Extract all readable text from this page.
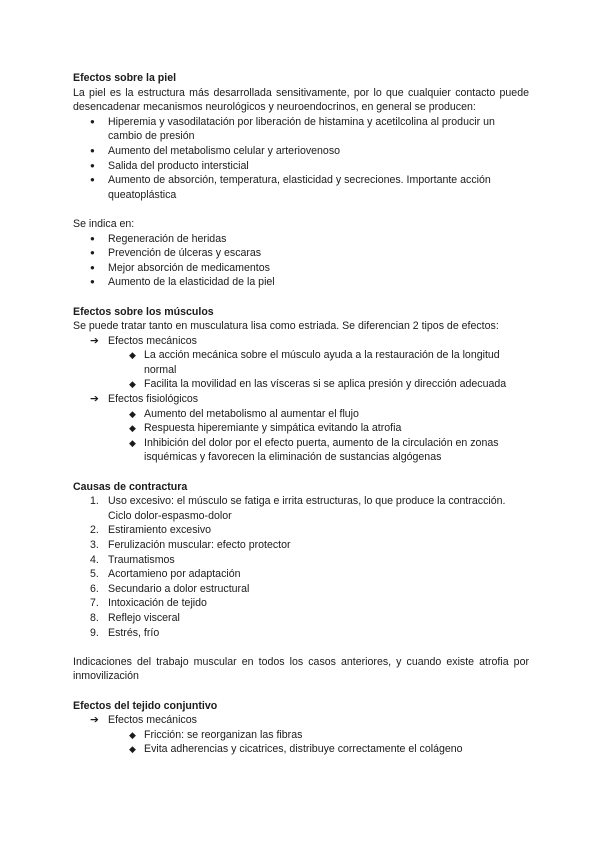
Efectos sobre la piel

La piel es la estructura más desarrollada sensitivamente, por lo que cualquier contacto puede desencadenar mecanismos neurológicos y neuroendocrinos, en general se producen:

● Hiperemia y vasodilatación por liberación de histamina y acetilcolina al producir un cambio de presión
● Aumento del metabolismo celular y arteriovenoso
● Salida del producto intersticial
● Aumento de absorción, temperatura, elasticidad y secreciones. Importante acción queatoplástica

Se indica en:

● Regeneración de heridas
● Prevención de úlceras y escaras
● Mejor absorción de medicamentos
● Aumento de la elasticidad de la piel
Efectos sobre los músculos

Se puede tratar tanto en musculatura lisa como estriada. Se diferencian 2 tipos de efectos:

➔ Efectos mecánicos
◆ La acción mecánica sobre el músculo ayuda a la restauración de la longitud normal
◆ Facilita la movilidad en las vísceras si se aplica presión y dirección adecuada
➔ Efectos fisiológicos
◆ Aumento del metabolismo al aumentar el flujo
◆ Respuesta hiperemiante y simpática evitando la atrofia
◆ Inhibición del dolor por el efecto puerta, aumento de la circulación en zonas isquémicas y favorecen la eliminación de sustancias algógenas
Causas de contractura
1. Uso excesivo: el músculo se fatiga e irrita estructuras, lo que produce la contracción. Ciclo dolor-espasmo-dolor
2. Estiramiento excesivo
3. Ferulización muscular: efecto protector
4. Traumatismos
5. Acortamieno por adaptación
6. Secundario a dolor estructural
7. Intoxicación de tejido
8. Reflejo visceral
9. Estrés, frío

Indicaciones del trabajo muscular en todos los casos anteriores, y cuando existe atrofia por inmovilización

Efectos del tejido conjuntivo
➔ Efectos mecánicos
◆ Fricción: se reorganizan las fibras
◆ Evita adherencias y cicatrices, distribuye correctamente el colágeno
